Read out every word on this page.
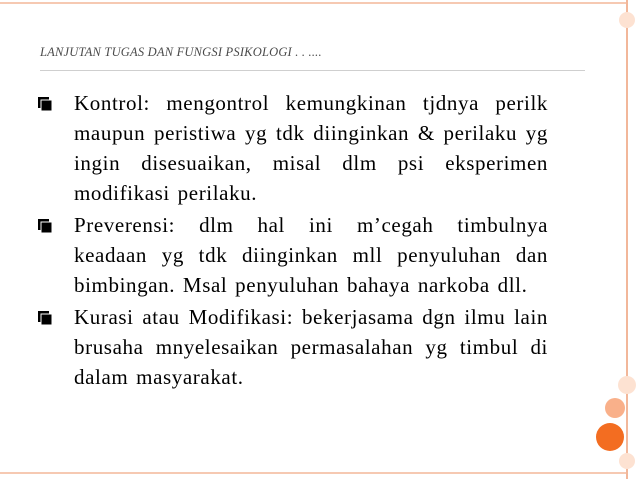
LANJUTAN TUGAS DAN FUNGSI PSIKOLOGI . . ....
Kontrol: mengontrol kemungkinan tjdnya perilk maupun peristiwa yg tdk diinginkan & perilaku yg ingin disesuaikan, misal dlm psi eksperimen modifikasi perilaku.
Preverensi: dlm hal ini m’cegah timbulnya keadaan yg tdk diinginkan mll penyuluhan dan bimbingan. Msal penyuluhan bahaya narkoba dll.
Kurasi atau Modifikasi: bekerjasama dgn ilmu lain brusaha mnyelesaikan permasalahan yg timbul di dalam masyarakat.
